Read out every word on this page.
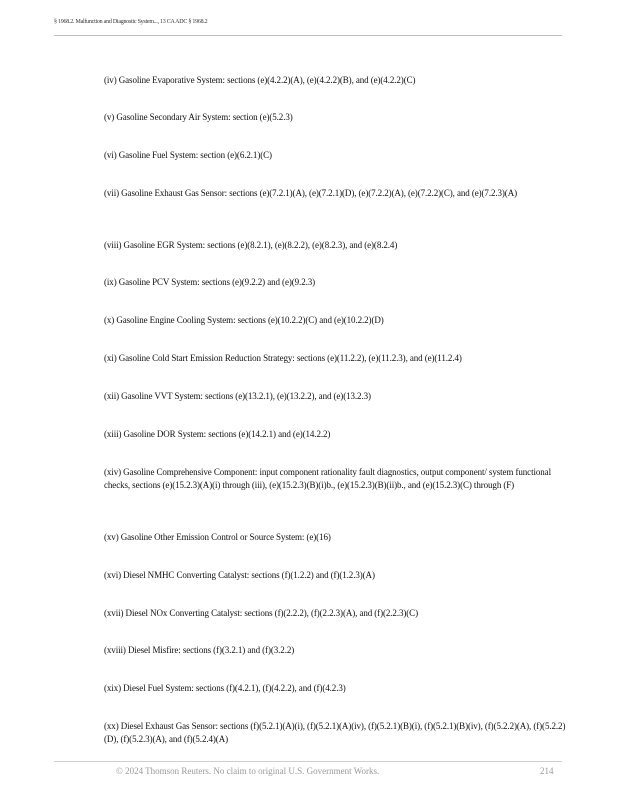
§ 1968.2. Malfunction and Diagnostic System..., 13 CA ADC § 1968.2

(iv) Gasoline Evaporative System: sections (e)(4.2.2)(A), (e)(4.2.2)(B), and (e)(4.2.2)(C)

(v) Gasoline Secondary Air System: section (e)(5.2.3)

(vi) Gasoline Fuel System: section (e)(6.2.1)(C)

(vii) Gasoline Exhaust Gas Sensor: sections (e)(7.2.1)(A), (e)(7.2.1)(D), (e)(7.2.2)(A), (e)(7.2.2)(C), and (e)(7.2.3)(A)

(viii) Gasoline EGR System: sections (e)(8.2.1), (e)(8.2.2), (e)(8.2.3), and (e)(8.2.4)

(ix) Gasoline PCV System: sections (e)(9.2.2) and (e)(9.2.3)

(x) Gasoline Engine Cooling System: sections (e)(10.2.2)(C) and (e)(10.2.2)(D)

(xi) Gasoline Cold Start Emission Reduction Strategy: sections (e)(11.2.2), (e)(11.2.3), and (e)(11.2.4)

(xii) Gasoline VVT System: sections (e)(13.2.1), (e)(13.2.2), and (e)(13.2.3)

(xiii) Gasoline DOR System: sections (e)(14.2.1) and (e)(14.2.2)

(xiv) Gasoline Comprehensive Component: input component rationality fault diagnostics, output component/ system functional checks, sections (e)(15.2.3)(A)(i) through (iii), (e)(15.2.3)(B)(i)b., (e)(15.2.3)(B)(ii)b., and (e)(15.2.3)(C) through (F)

(xv) Gasoline Other Emission Control or Source System: (e)(16)

(xvi) Diesel NMHC Converting Catalyst: sections (f)(1.2.2) and (f)(1.2.3)(A)

(xvii) Diesel NOx Converting Catalyst: sections (f)(2.2.2), (f)(2.2.3)(A), and (f)(2.2.3)(C)

(xviii) Diesel Misfire: sections (f)(3.2.1) and (f)(3.2.2)

(xix) Diesel Fuel System: sections (f)(4.2.1), (f)(4.2.2), and (f)(4.2.3)

(xx) Diesel Exhaust Gas Sensor: sections (f)(5.2.1)(A)(i), (f)(5.2.1)(A)(iv), (f)(5.2.1)(B)(i), (f)(5.2.1)(B)(iv), (f)(5.2.2)(A), (f)(5.2.2)(D), (f)(5.2.3)(A), and (f)(5.2.4)(A)

© 2024 Thomson Reuters. No claim to original U.S. Government Works.	214
